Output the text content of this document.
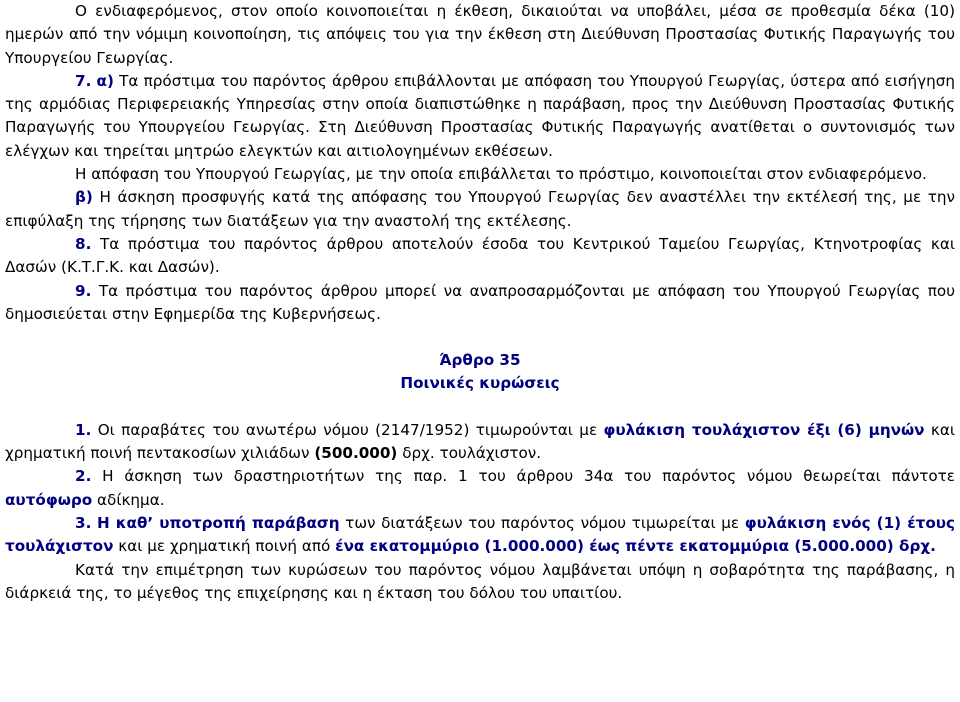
Ο ενδιαφερόμενος, στον οποίο κοινοποιείται η έκθεση, δικαιούται να υποβάλει, μέσα σε προθεσμία δέκα (10) ημερών από την νόμιμη κοινοποίηση, τις απόψεις του για την έκθεση στη Διεύθυνση Προστασίας Φυτικής Παραγωγής του Υπουργείου Γεωργίας.

7. α) Τα πρόστιμα του παρόντος άρθρου επιβάλλονται με απόφαση του Υπουργού Γεωργίας, ύστερα από εισήγηση της αρμόδιας Περιφερειακής Υπηρεσίας στην οποία διαπιστώθηκε η παράβαση, προς την Διεύθυνση Προστασίας Φυτικής Παραγωγής του Υπουργείου Γεωργίας. Στη Διεύθυνση Προστασίας Φυτικής Παραγωγής ανατίθεται ο συντονισμός των ελέγχων και τηρείται μητρώο ελεγκτών και αιτιολογημένων εκθέσεων.

Η απόφαση του Υπουργού Γεωργίας, με την οποία επιβάλλεται το πρόστιμο, κοινοποιείται στον ενδιαφερόμενο.

β) Η άσκηση προσφυγής κατά της απόφασης του Υπουργού Γεωργίας δεν αναστέλλει την εκτέλεσή της, με την επιφύλαξη της τήρησης των διατάξεων για την αναστολή της εκτέλεσης.

8. Τα πρόστιμα του παρόντος άρθρου αποτελούν έσοδα του Κεντρικού Ταμείου Γεωργίας, Κτηνοτροφίας και Δασών (Κ.Τ.Γ.Κ. και Δασών).

9. Τα πρόστιμα του παρόντος άρθρου μπορεί να αναπροσαρμόζονται με απόφαση του Υπουργού Γεωργίας που δημοσιεύεται στην Εφημερίδα της Κυβερνήσεως.

Άρθρο 35

Ποινικές κυρώσεις

1. Οι παραβάτες του ανωτέρω νόμου (2147/1952) τιμωρούνται με φυλάκιση τουλάχιστον έξι (6) μηνών και χρηματική ποινή πεντακοσίων χιλιάδων (500.000) δρχ. τουλάχιστον.

2. Η άσκηση των δραστηριοτήτων της παρ. 1 του άρθρου 34α του παρόντος νόμου θεωρείται πάντοτε αυτόφωρο αδίκημα.

3. Η καθ’ υποτροπή παράβαση των διατάξεων του παρόντος νόμου τιμωρείται με φυλάκιση ενός (1) έτους τουλάχιστον και με χρηματική ποινή από ένα εκατομμύριο (1.000.000) έως πέντε εκατομμύρια (5.000.000) δρχ.

Κατά την επιμέτρηση των κυρώσεων του παρόντος νόμου λαμβάνεται υπόψη η σοβαρότητα της παράβασης, η διάρκειά της, το μέγεθος της επιχείρησης και η έκταση του δόλου του υπαιτίου.
